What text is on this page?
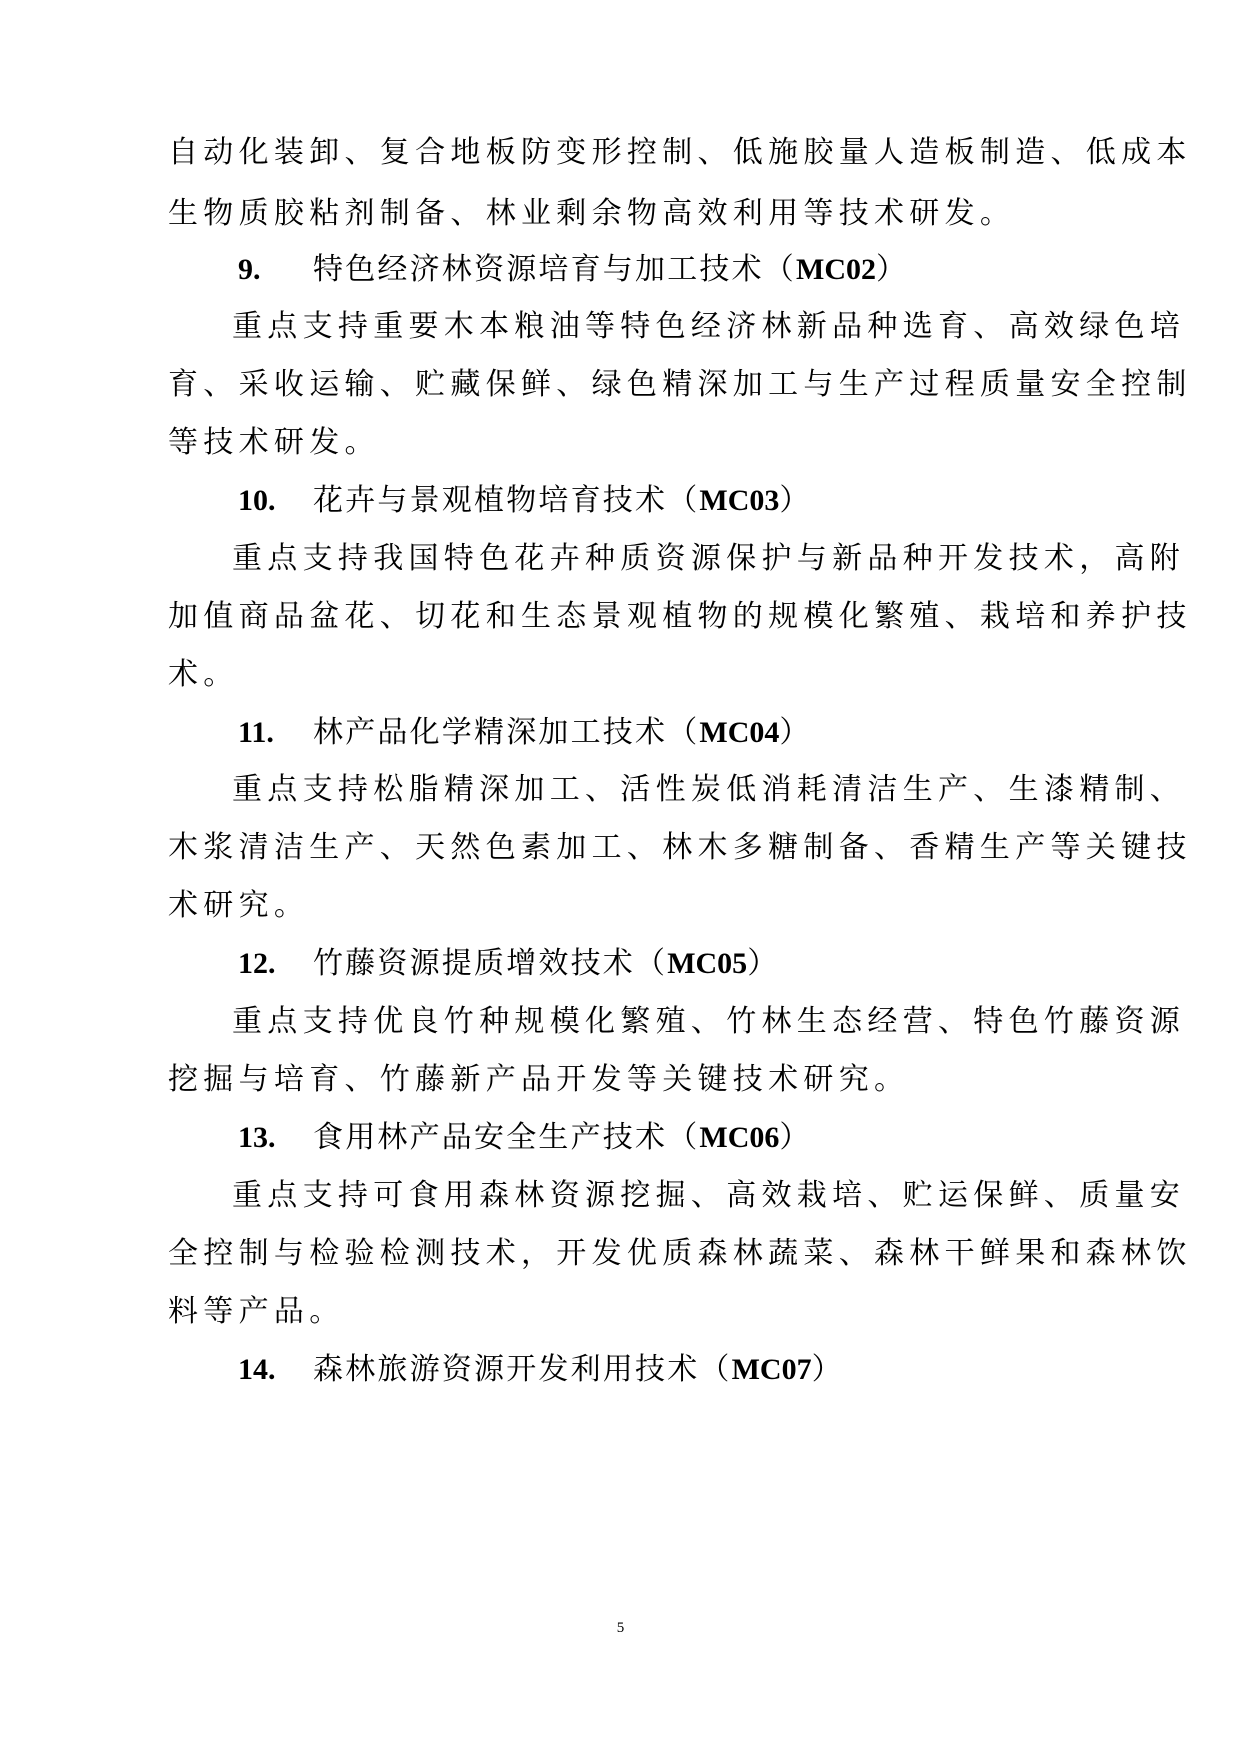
自动化装卸、复合地板防变形控制、低施胶量人造板制造、低成本
生物质胶粘剂制备、林业剩余物高效利用等技术研发。
9. 特色经济林资源培育与加工技术（MC02）
重点支持重要木本粮油等特色经济林新品种选育、高效绿色培
育、采收运输、贮藏保鲜、绿色精深加工与生产过程质量安全控制
等技术研发。
10. 花卉与景观植物培育技术（MC03）
重点支持我国特色花卉种质资源保护与新品种开发技术，高附
加值商品盆花、切花和生态景观植物的规模化繁殖、栽培和养护技
术。
11. 林产品化学精深加工技术（MC04）
重点支持松脂精深加工、活性炭低消耗清洁生产、生漆精制、
木浆清洁生产、天然色素加工、林木多糖制备、香精生产等关键技
术研究。
12. 竹藤资源提质增效技术（MC05）
重点支持优良竹种规模化繁殖、竹林生态经营、特色竹藤资源
挖掘与培育、竹藤新产品开发等关键技术研究。
13. 食用林产品安全生产技术（MC06）
重点支持可食用森林资源挖掘、高效栽培、贮运保鲜、质量安
全控制与检验检测技术，开发优质森林蔬菜、森林干鲜果和森林饮
料等产品。
14. 森林旅游资源开发利用技术（MC07）
5
